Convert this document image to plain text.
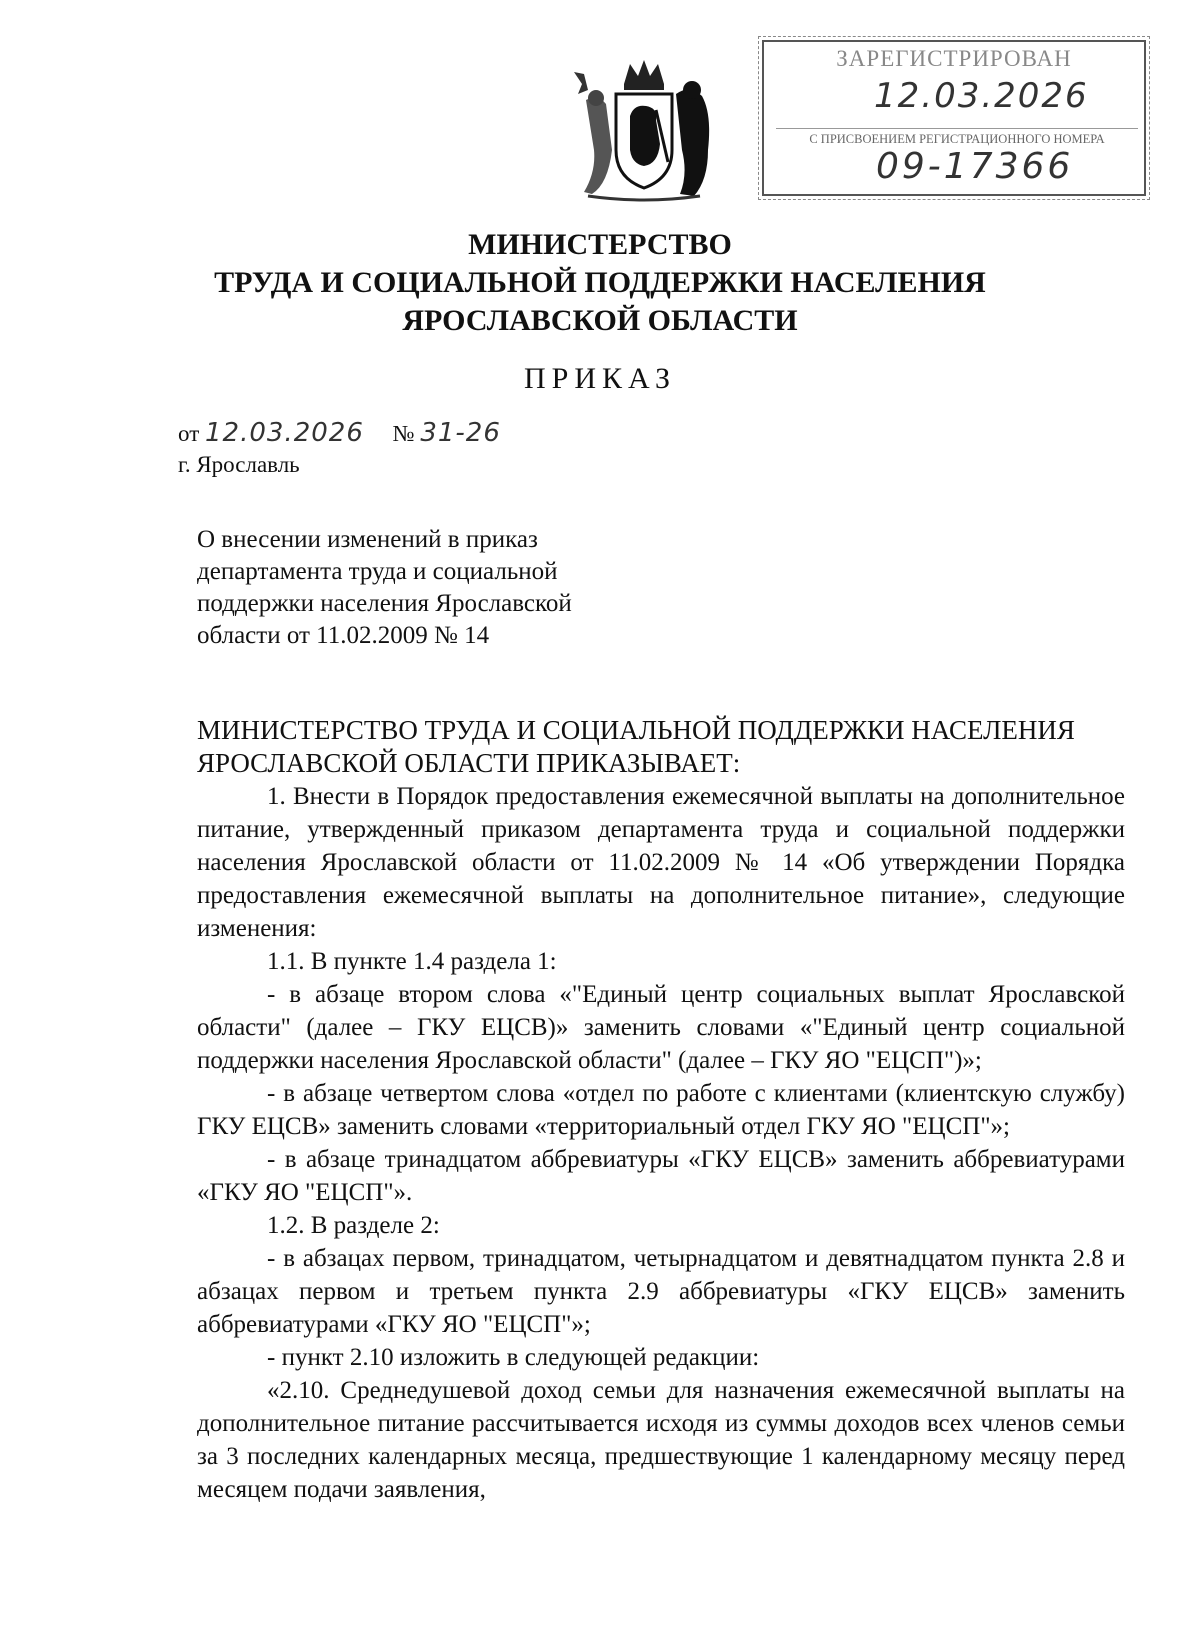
ЗАРЕГИСТРИРОВАН
12.03.2026
С ПРИСВОЕНИЕМ РЕГИСТРАЦИОННОГО НОМЕРА
09-17366
МИНИСТЕРСТВО
ТРУДА И СОЦИАЛЬНОЙ ПОДДЕРЖКИ НАСЕЛЕНИЯ
ЯРОСЛАВСКОЙ ОБЛАСТИ
ПРИКАЗ
от 12.03.2026 № 31-26
г. Ярославль
О внесении изменений в приказ
департамента труда и социальной
поддержки населения Ярославской
области от 11.02.2009 № 14

МИНИСТЕРСТВО ТРУДА И СОЦИАЛЬНОЙ ПОДДЕРЖКИ НАСЕЛЕНИЯ ЯРОСЛАВСКОЙ ОБЛАСТИ ПРИКАЗЫВАЕТ:

1. Внести в Порядок предоставления ежемесячной выплаты на дополнительное питание, утвержденный приказом департамента труда и социальной поддержки населения Ярославской области от 11.02.2009 № 14 «Об утверждении Порядка предоставления ежемесячной выплаты на дополнительное питание», следующие изменения:

1.1. В пункте 1.4 раздела 1:

- в абзаце втором слова «"Единый центр социальных выплат Ярославской области" (далее – ГКУ ЕЦСВ)» заменить словами «"Единый центр социальной поддержки населения Ярославской области" (далее – ГКУ ЯО "ЕЦСП")»;

- в абзаце четвертом слова «отдел по работе с клиентами (клиентскую службу) ГКУ ЕЦСВ» заменить словами «территориальный отдел ГКУ ЯО "ЕЦСП"»;

- в абзаце тринадцатом аббревиатуры «ГКУ ЕЦСВ» заменить аббревиатурами «ГКУ ЯО "ЕЦСП"».

1.2. В разделе 2:

- в абзацах первом, тринадцатом, четырнадцатом и девятнадцатом пункта 2.8 и абзацах первом и третьем пункта 2.9 аббревиатуры «ГКУ ЕЦСВ» заменить аббревиатурами «ГКУ ЯО "ЕЦСП"»;

- пункт 2.10 изложить в следующей редакции:

«2.10. Среднедушевой доход семьи для назначения ежемесячной выплаты на дополнительное питание рассчитывается исходя из суммы доходов всех членов семьи за 3 последних календарных месяца, предшествующие 1 календарному месяцу перед месяцем подачи заявления,
